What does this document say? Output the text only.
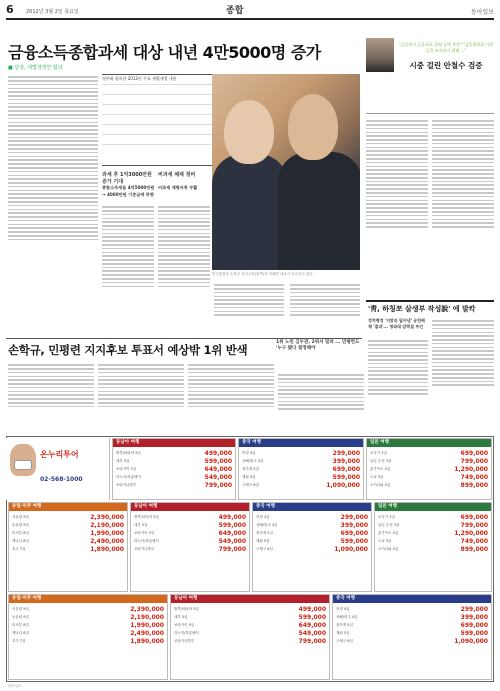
6 2012년 3월 2일 목요일	종합	동아일보
금융소득종합과세 대상 내년 4만5000명 증가
■ 당정, 세법개정안 합의
정부와 합의한 2012년 주요 세법개정 내용
과세 후 1억3000만원 증가 기대
비과세 체제 정비
종합소득세율 4억5000만원 → 4000만원 기준금액 하향
비과세 재형저축 부활
민주통합당 손학규 상임고문(왼쪽)과 이해찬 대표가 악수하고 있다.
"금감원이 금융회사 경영 공백 추천" "금융위원회 사람들을 조작하기 위해 ..."
시중 걸린 안철수 검증
손학규, 민평련 지지후보 투표서 예상밖 1위 반색
1위 노린 김두관, 2위서 밀려 ... 민평련도 '누구 됐다 결정해야
'靑, 하칭쪼 살생부 작성說' 에 발칵
정치행정 '지망의 밀어낸' 공천배제 '결과'... 청와대 압력설 부인
온누리투어
02-568-1000
동남아 여행
방콕/파타야 5일	499,000
세부 5일	599,000
보라카이 5일	649,000
하노이/하롱베이	549,000
코타키나발루	799,000
중국 여행
북경 4일	299,000
상해/항주 4일	399,000
장가계 5일	699,000
계림 5일	599,000
구채구 6일	1,090,000
일본 여행
오사카 3일	699,000
큐슈 온천 3일	799,000
홋카이도 4일	1,290,000
도쿄 3일	749,000
오키나와 4일	899,000
유럽·미주 여행
서유럽 9일	2,390,000
동유럽 9일	2,190,000
미서부 8일	1,990,000
캐나다 8일	2,490,000
호주 7일	1,890,000
동남아 여행
방콕/파타야 5일	499,000
세부 5일	599,000
보라카이 5일	649,000
하노이/하롱베이	549,000
코타키나발루	799,000
중국 여행
북경 4일	299,000
상해/항주 4일	399,000
장가계 5일	699,000
계림 5일	599,000
구채구 6일	1,090,000
일본 여행
오사카 3일	699,000
큐슈 온천 3일	799,000
홋카이도 4일	1,290,000
도쿄 3일	749,000
오키나와 4일	899,000
유럽·미주 여행
서유럽 9일	2,390,000
동유럽 9일	2,190,000
미서부 8일	1,990,000
캐나다 8일	2,490,000
호주 7일	1,890,000
동남아 여행
방콕/파타야 5일	499,000
세부 5일	599,000
보라카이 5일	649,000
하노이/하롱베이	549,000
코타키나발루	799,000
중국 여행
북경 4일	299,000
상해/항주 4일	399,000
장가계 5일	699,000
계림 5일	599,000
구채구 6일	1,090,000
동아일보
